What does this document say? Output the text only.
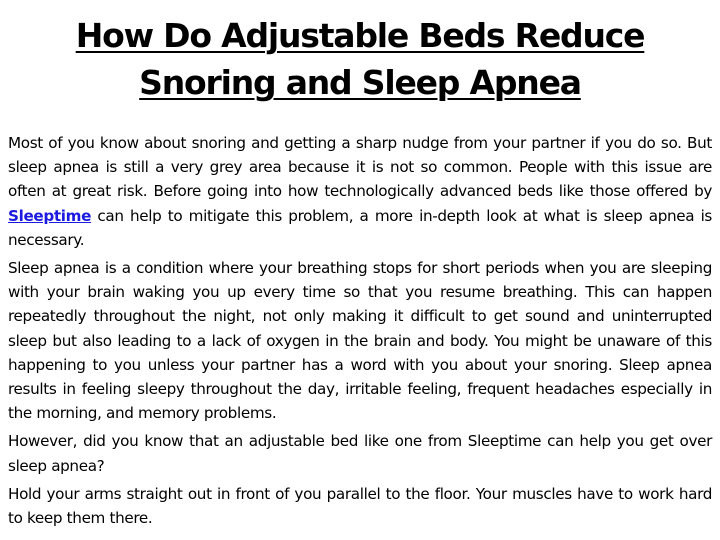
How Do Adjustable Beds Reduce Snoring and Sleep Apnea

Most of you know about snoring and getting a sharp nudge from your partner if you do so. But sleep apnea is still a very grey area because it is not so common. People with this issue are often at great risk. Before going into how technologically advanced beds like those offered by Sleeptime can help to mitigate this problem, a more in-depth look at what is sleep apnea is necessary.

Sleep apnea is a condition where your breathing stops for short periods when you are sleeping with your brain waking you up every time so that you resume breathing. This can happen repeatedly throughout the night, not only making it difficult to get sound and uninterrupted sleep but also leading to a lack of oxygen in the brain and body. You might be unaware of this happening to you unless your partner has a word with you about your snoring. Sleep apnea results in feeling sleepy throughout the day, irritable feeling, frequent headaches especially in the morning, and memory problems.

However, did you know that an adjustable bed like one from Sleeptime can help you get over sleep apnea?

Hold your arms straight out in front of you parallel to the floor. Your muscles have to work hard to keep them there.
